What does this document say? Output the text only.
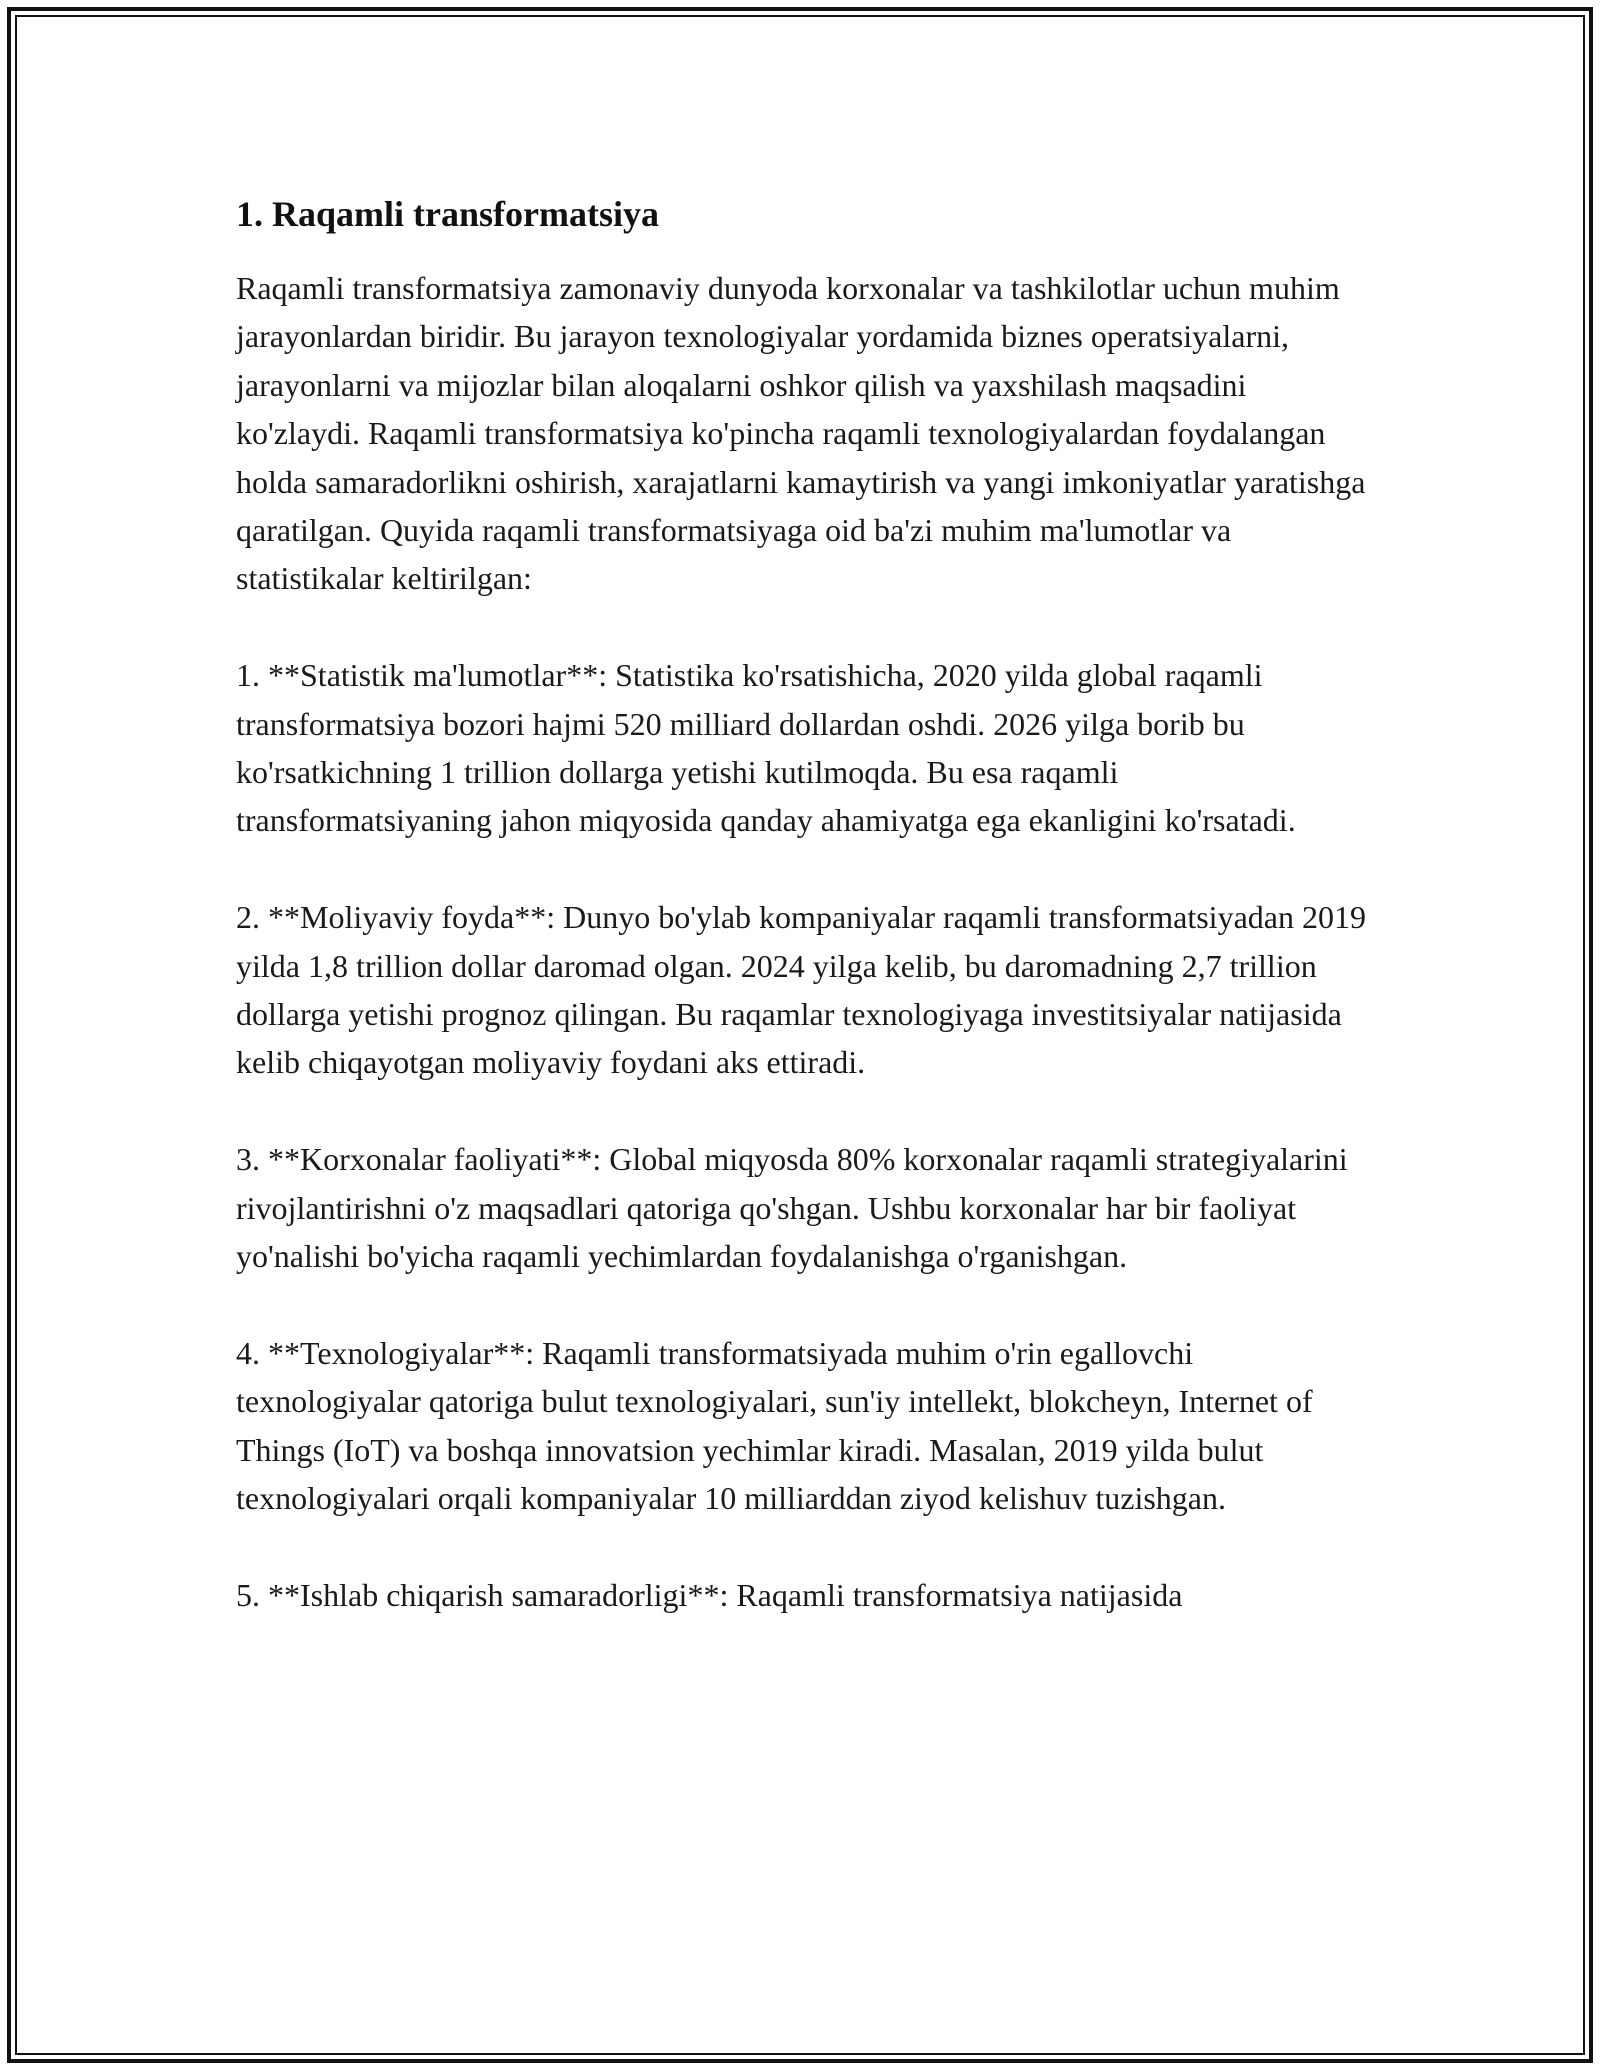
1. Raqamli transformatsiya

Raqamli transformatsiya zamonaviy dunyoda korxonalar va tashkilotlar uchun muhim jarayonlardan biridir. Bu jarayon texnologiyalar yordamida biznes operatsiyalarni, jarayonlarni va mijozlar bilan aloqalarni oshkor qilish va yaxshilash maqsadini ko'zlaydi. Raqamli transformatsiya ko'pincha raqamli texnologiyalardan foydalangan holda samaradorlikni oshirish, xarajatlarni kamaytirish va yangi imkoniyatlar yaratishga qaratilgan. Quyida raqamli transformatsiyaga oid ba'zi muhim ma'lumotlar va statistikalar keltirilgan:

1. **Statistik ma'lumotlar**: Statistika ko'rsatishicha, 2020 yilda global raqamli transformatsiya bozori hajmi 520 milliard dollardan oshdi. 2026 yilga borib bu ko'rsatkichning 1 trillion dollarga yetishi kutilmoqda. Bu esa raqamli transformatsiyaning jahon miqyosida qanday ahamiyatga ega ekanligini ko'rsatadi.

2. **Moliyaviy foyda**: Dunyo bo'ylab kompaniyalar raqamli transformatsiyadan 2019 yilda 1,8 trillion dollar daromad olgan. 2024 yilga kelib, bu daromadning 2,7 trillion dollarga yetishi prognoz qilingan. Bu raqamlar texnologiyaga investitsiyalar natijasida kelib chiqayotgan moliyaviy foydani aks ettiradi.

3. **Korxonalar faoliyati**: Global miqyosda 80% korxonalar raqamli strategiyalarini rivojlantirishni o'z maqsadlari qatoriga qo'shgan. Ushbu korxonalar har bir faoliyat yo'nalishi bo'yicha raqamli yechimlardan foydalanishga o'rganishgan.

4. **Texnologiyalar**: Raqamli transformatsiyada muhim o'rin egallovchi texnologiyalar qatoriga bulut texnologiyalari, sun'iy intellekt, blokcheyn, Internet of Things (IoT) va boshqa innovatsion yechimlar kiradi. Masalan, 2019 yilda bulut texnologiyalari orqali kompaniyalar 10 milliarddan ziyod kelishuv tuzishgan.

5. **Ishlab chiqarish samaradorligi**: Raqamli transformatsiya natijasida
